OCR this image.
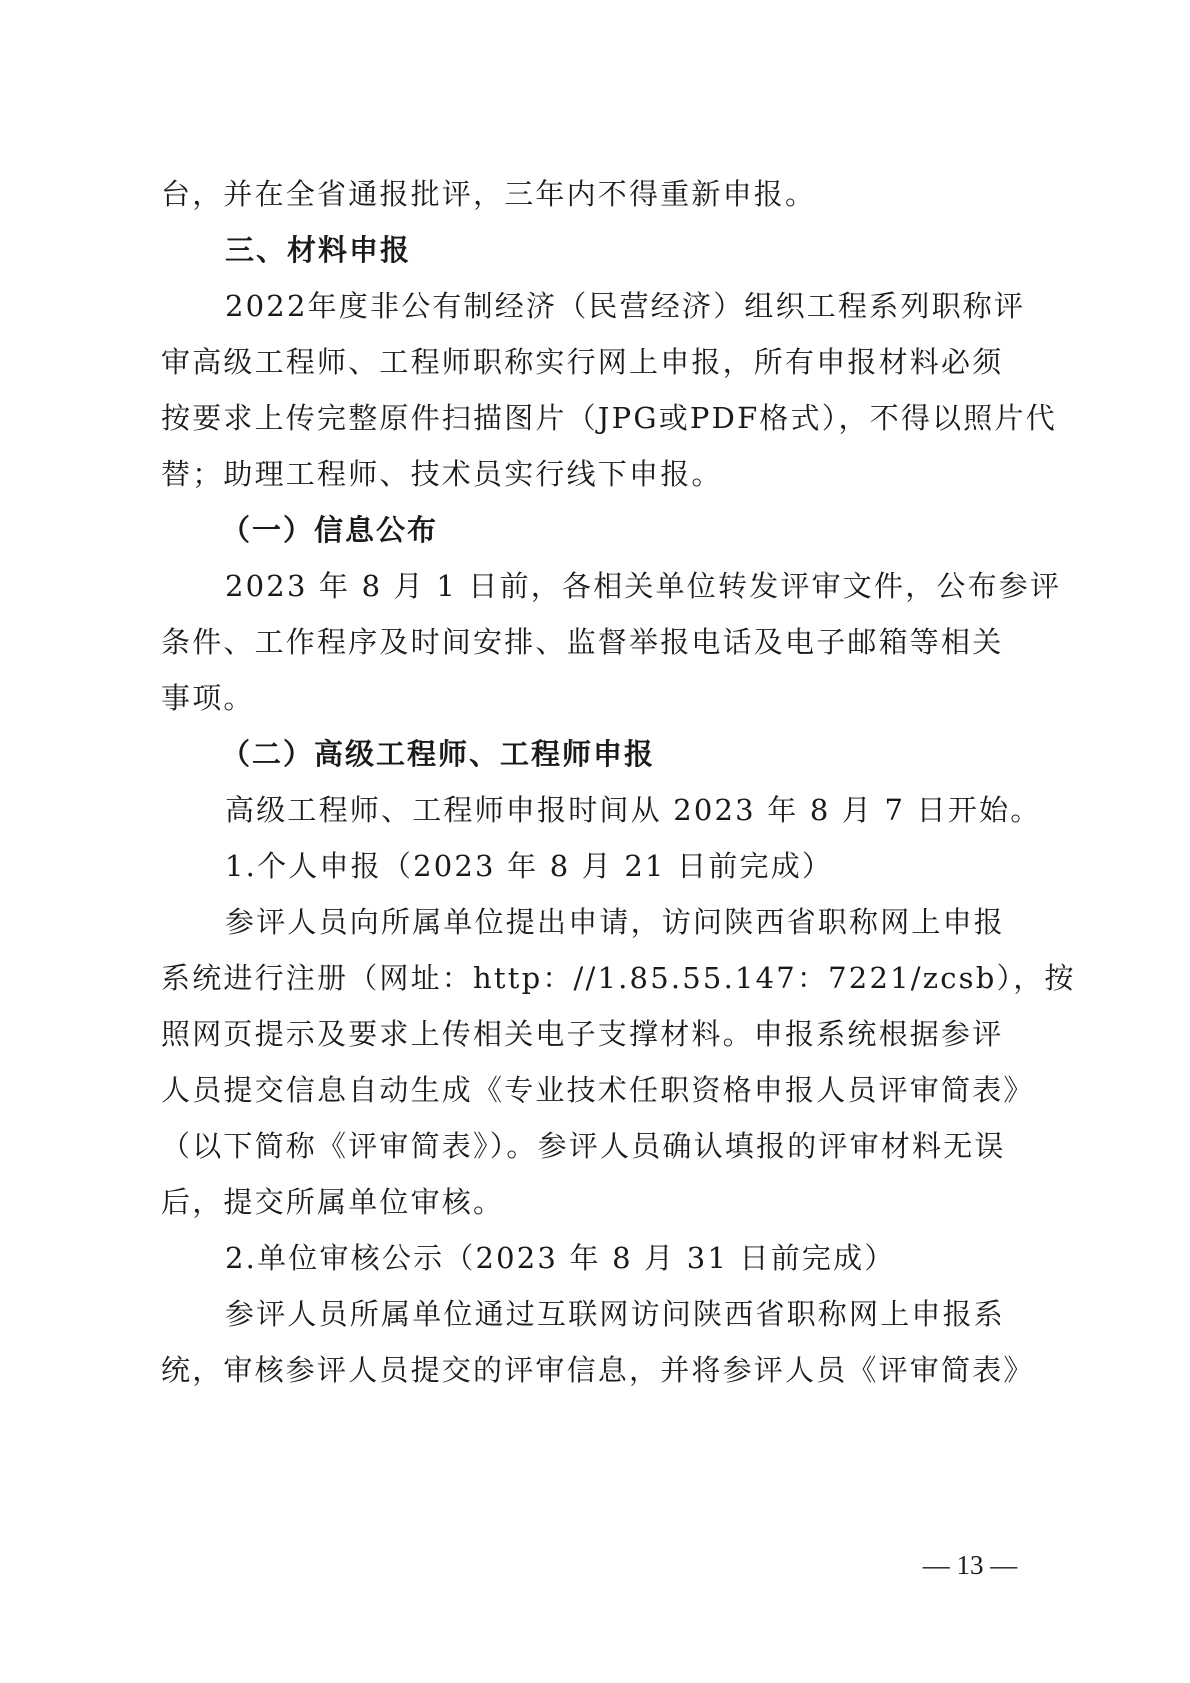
台，并在全省通报批评，三年内不得重新申报。
三、材料申报
2022年度非公有制经济（民营经济）组织工程系列职称评
审高级工程师、工程师职称实行网上申报，所有申报材料必须
按要求上传完整原件扫描图片（JPG或PDF格式），不得以照片代
替；助理工程师、技术员实行线下申报。
（一）信息公布
2023 年 8 月 1 日前，各相关单位转发评审文件，公布参评
条件、工作程序及时间安排、监督举报电话及电子邮箱等相关
事项。
（二）高级工程师、工程师申报
高级工程师、工程师申报时间从 2023 年 8 月 7 日开始。
1.个人申报（2023 年 8 月 21 日前完成）
参评人员向所属单位提出申请，访问陕西省职称网上申报
系统进行注册（网址：http：//1.85.55.147：7221/zcsb），按
照网页提示及要求上传相关电子支撑材料。申报系统根据参评
人员提交信息自动生成《专业技术任职资格申报人员评审简表》
（以下简称《评审简表》）。参评人员确认填报的评审材料无误
后，提交所属单位审核。
2.单位审核公示（2023 年 8 月 31 日前完成）
参评人员所属单位通过互联网访问陕西省职称网上申报系
统，审核参评人员提交的评审信息，并将参评人员《评审简表》
— 13 —
